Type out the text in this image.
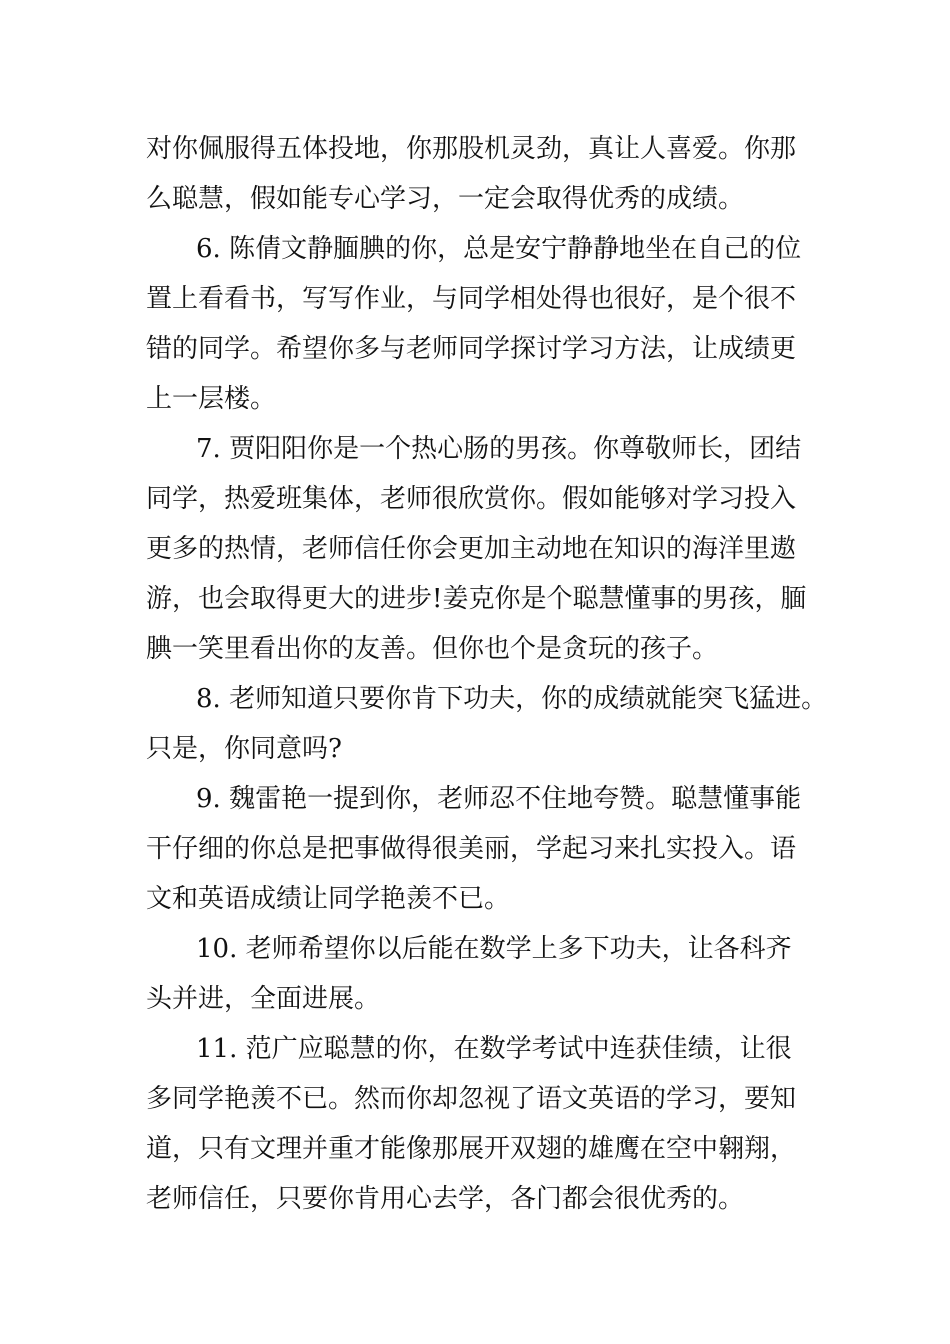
对你佩服得五体投地，你那股机灵劲，真让人喜爱。你那

么聪慧，假如能专心学习，一定会取得优秀的成绩。

6. 陈倩文静腼腆的你，总是安宁静静地坐在自己的位

置上看看书，写写作业，与同学相处得也很好，是个很不

错的同学。希望你多与老师同学探讨学习方法，让成绩更

上一层楼。

7. 贾阳阳你是一个热心肠的男孩。你尊敬师长，团结

同学，热爱班集体，老师很欣赏你。假如能够对学习投入

更多的热情，老师信任你会更加主动地在知识的海洋里遨

游，也会取得更大的进步!姜克你是个聪慧懂事的男孩，腼

腆一笑里看出你的友善。但你也个是贪玩的孩子。

8. 老师知道只要你肯下功夫，你的成绩就能突飞猛进。

只是，你同意吗?

9. 魏雷艳一提到你，老师忍不住地夸赞。聪慧懂事能

干仔细的你总是把事做得很美丽，学起习来扎实投入。语

文和英语成绩让同学艳羡不已。

10. 老师希望你以后能在数学上多下功夫，让各科齐

头并进，全面进展。

11. 范广应聪慧的你，在数学考试中连获佳绩，让很

多同学艳羡不已。然而你却忽视了语文英语的学习，要知

道，只有文理并重才能像那展开双翅的雄鹰在空中翱翔，

老师信任，只要你肯用心去学，各门都会很优秀的。
